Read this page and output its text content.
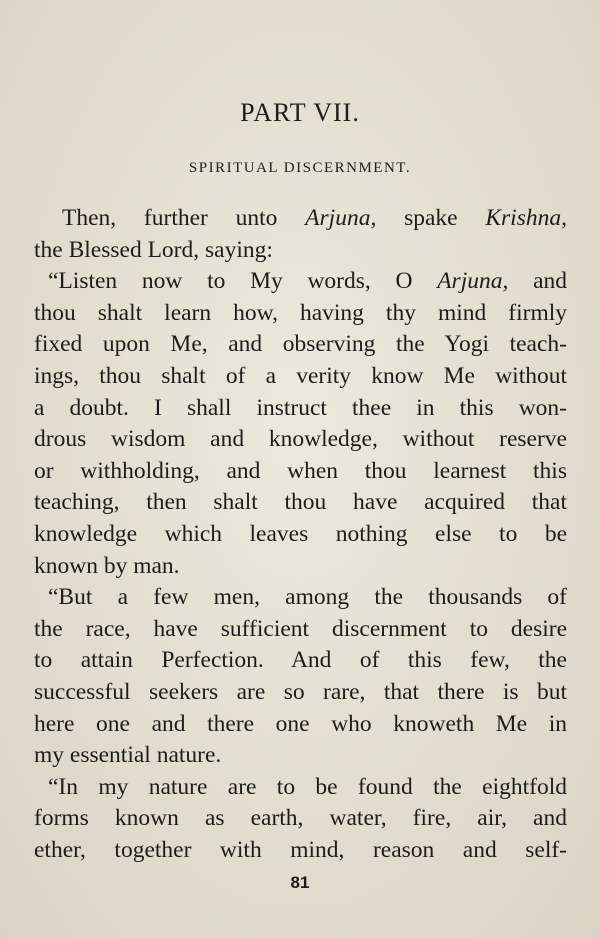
PART VII.
SPIRITUAL DISCERNMENT.
Then, further unto Arjuna, spake Krishna,
the Blessed Lord, saying:
“Listen now to My words, O Arjuna, and
thou shalt learn how, having thy mind firmly
fixed upon Me, and observing the Yogi teach-
ings, thou shalt of a verity know Me without
a doubt. I shall instruct thee in this won-
drous wisdom and knowledge, without reserve
or withholding, and when thou learnest this
teaching, then shalt thou have acquired that
knowledge which leaves nothing else to be
known by man.
“But a few men, among the thousands of
the race, have sufficient discernment to desire
to attain Perfection. And of this few, the
successful seekers are so rare, that there is but
here one and there one who knoweth Me in
my essential nature.
“In my nature are to be found the eightfold
forms known as earth, water, fire, air, and
ether, together with mind, reason and self-
81
